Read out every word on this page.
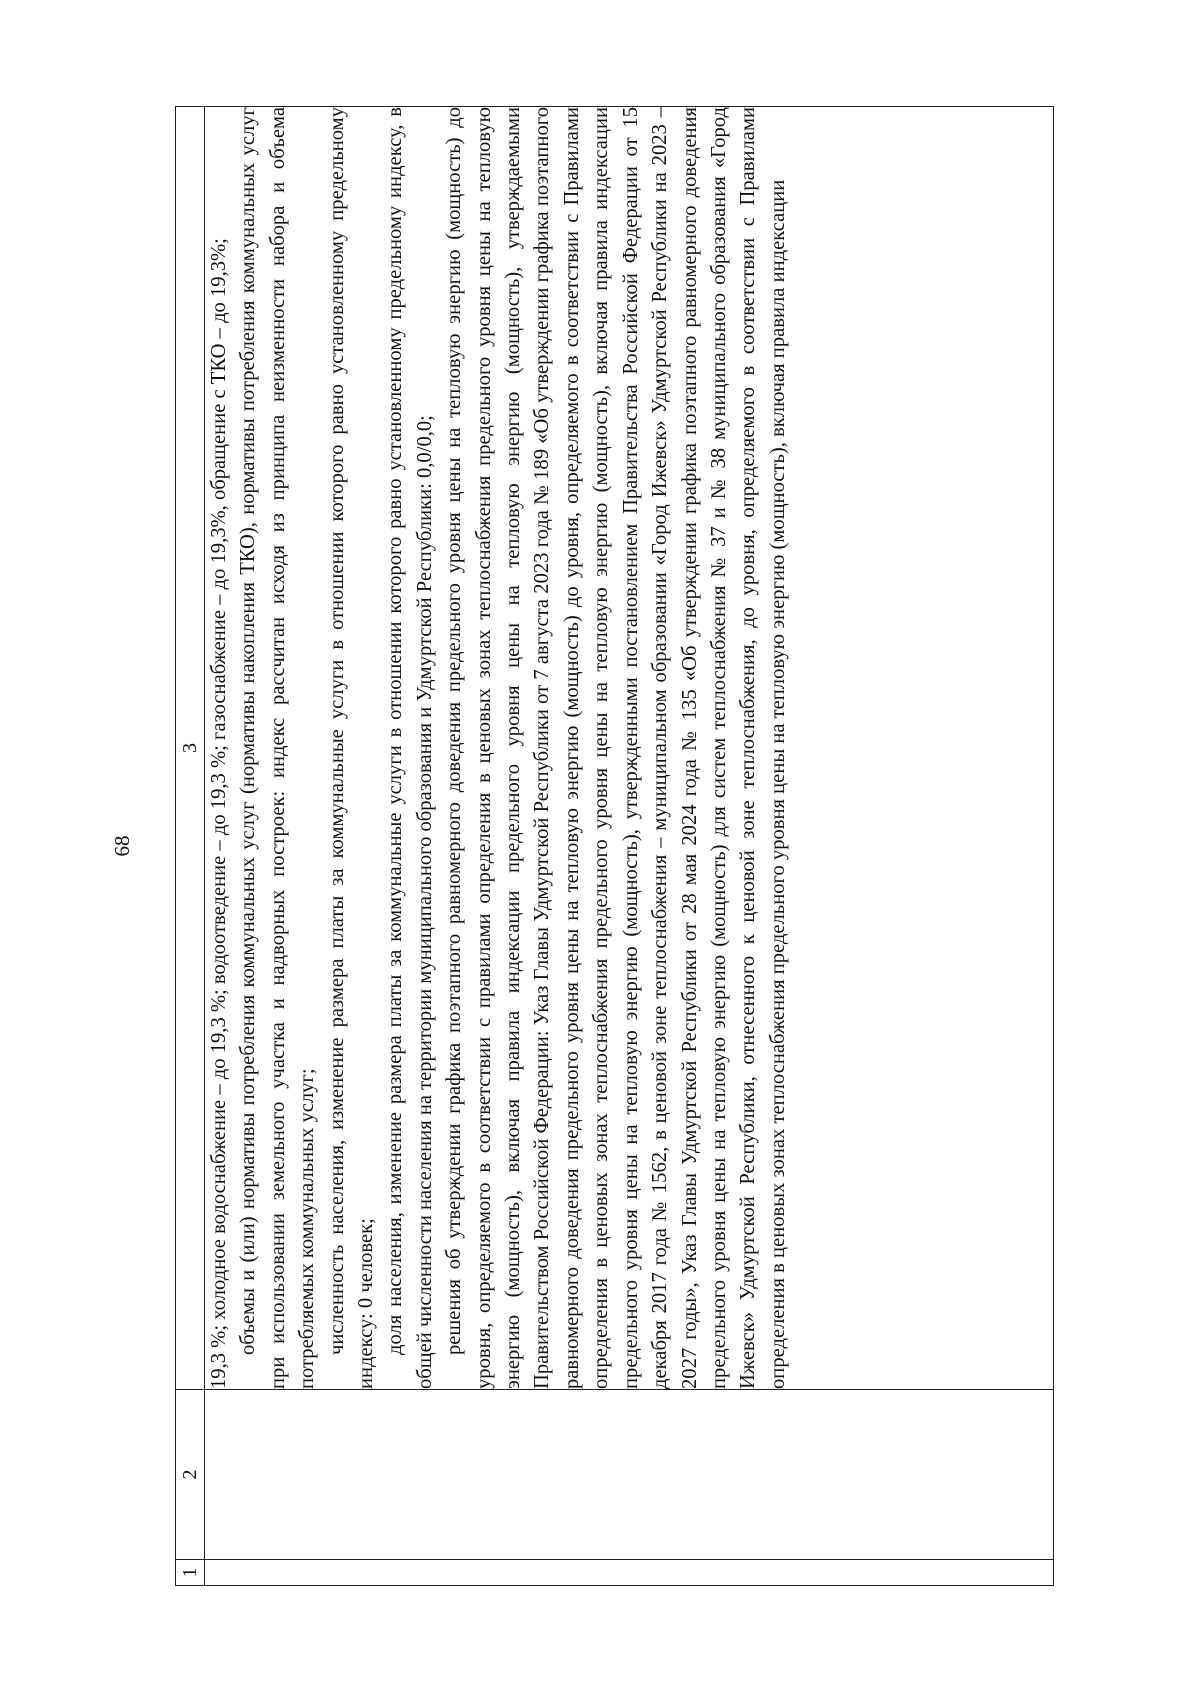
68
1	2	3

		19,3 %; холодное водоснабжение – до 19,3 %; водоотведение – до 19,3 %; газоснабжение – до 19,3%, обращение с ТКО – до 19,3%; объемы и (или) нормативы потребления коммунальных услуг (нормативы накопления ТКО), нормативы потребления коммунальных услуг при использовании земельного участка и надворных построек: индекс рассчитан исходя из принципа неизменности набора и объема потребляемых коммунальных услуг; численность населения, изменение размера платы за коммунальные услуги в отношении которого равно установленному предельному индексу: 0 человек; доля населения, изменение размера платы за коммунальные услуги в отношении которого равно установленному предельному индексу, в общей численности населения на территории муниципального образования и Удмуртской Республики: 0,0/0,0; решения об утверждении графика поэтапного равномерного доведения предельного уровня цены на тепловую энергию (мощность) до уровня, определяемого в соответствии с правилами определения в ценовых зонах теплоснабжения предельного уровня цены на тепловую энергию (мощность), включая правила индексации предельного уровня цены на тепловую энергию (мощность), утверждаемыми Правительством Российской Федерации: Указ Главы Удмуртской Республики от 7 августа 2023 года № 189 «Об утверждении графика поэтапного равномерного доведения предельного уровня цены на тепловую энергию (мощность) до уровня, определяемого в соответствии с Правилами определения в ценовых зонах теплоснабжения предельного уровня цены на тепловую энергию (мощность), включая правила индексации предельного уровня цены на тепловую энергию (мощность), утвержденными постановлением Правительства Российской Федерации от 15 декабря 2017 года № 1562, в ценовой зоне теплоснабжения – муниципальном образовании «Город Ижевск» Удмуртской Республики на 2023 – 2027 годы», Указ Главы Удмуртской Республики от 28 мая 2024 года № 135 «Об утверждении графика поэтапного равномерного доведения предельного уровня цены на тепловую энергию (мощность) для систем теплоснабжения № 37 и № 38 муниципального образования «Город Ижевск» Удмуртской Республики, отнесенного к ценовой зоне теплоснабжения, до уровня, определяемого в соответствии с Правилами определения в ценовых зонах теплоснабжения предельного уровня цены на тепловую энергию (мощность), включая правила индексации
